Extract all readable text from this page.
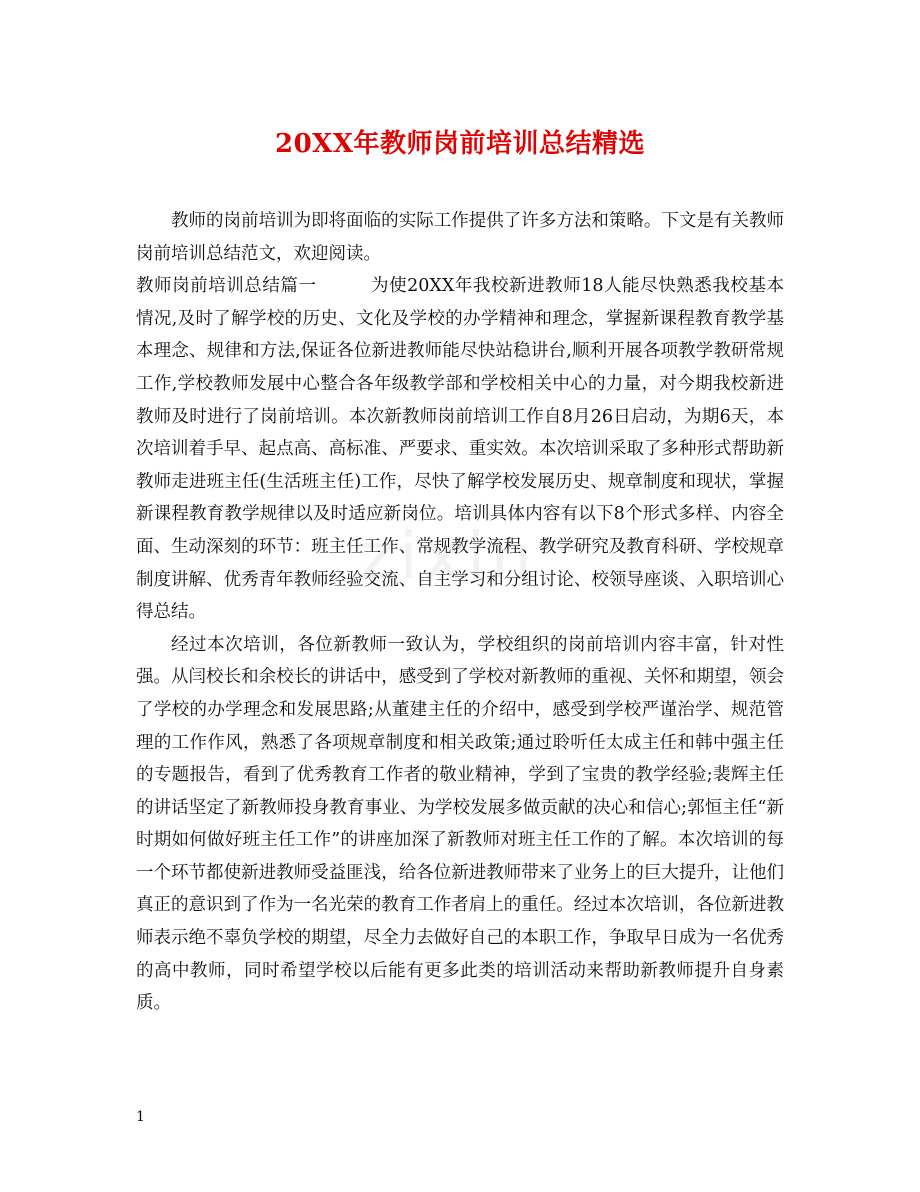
20XX年教师岗前培训总结精选
zixin

教师的岗前培训为即将面临的实际工作提供了许多方法和策略。下文是有关教师岗前培训总结范文，欢迎阅读。

教师岗前培训总结篇一	为使20XX年我校新进教师18人能尽快熟悉我校基本情况,及时了解学校的历史、文化及学校的办学精神和理念，掌握新课程教育教学基本理念、规律和方法,保证各位新进教师能尽快站稳讲台,顺利开展各项教学教研常规工作,学校教师发展中心整合各年级教学部和学校相关中心的力量，对今期我校新进教师及时进行了岗前培训。本次新教师岗前培训工作自8月26日启动，为期6天，本次培训着手早、起点高、高标准、严要求、重实效。本次培训采取了多种形式帮助新教师走进班主任(生活班主任)工作，尽快了解学校发展历史、规章制度和现状，掌握新课程教育教学规律以及时适应新岗位。培训具体内容有以下8个形式多样、内容全面、生动深刻的环节：班主任工作、常规教学流程、教学研究及教育科研、学校规章制度讲解、优秀青年教师经验交流、自主学习和分组讨论、校领导座谈、入职培训心得总结。

经过本次培训，各位新教师一致认为，学校组织的岗前培训内容丰富，针对性强。从闫校长和余校长的讲话中，感受到了学校对新教师的重视、关怀和期望，领会了学校的办学理念和发展思路;从董建主任的介绍中，感受到学校严谨治学、规范管理的工作作风，熟悉了各项规章制度和相关政策;通过聆听任太成主任和韩中强主任的专题报告，看到了优秀教育工作者的敬业精神，学到了宝贵的教学经验;裴辉主任的讲话坚定了新教师投身教育事业、为学校发展多做贡献的决心和信心;郭恒主任“新时期如何做好班主任工作”的讲座加深了新教师对班主任工作的了解。本次培训的每一个环节都使新进教师受益匪浅，给各位新进教师带来了业务上的巨大提升，让他们真正的意识到了作为一名光荣的教育工作者肩上的重任。经过本次培训，各位新进教师表示绝不辜负学校的期望，尽全力去做好自己的本职工作，争取早日成为一名优秀的高中教师，同时希望学校以后能有更多此类的培训活动来帮助新教师提升自身素质。

1
